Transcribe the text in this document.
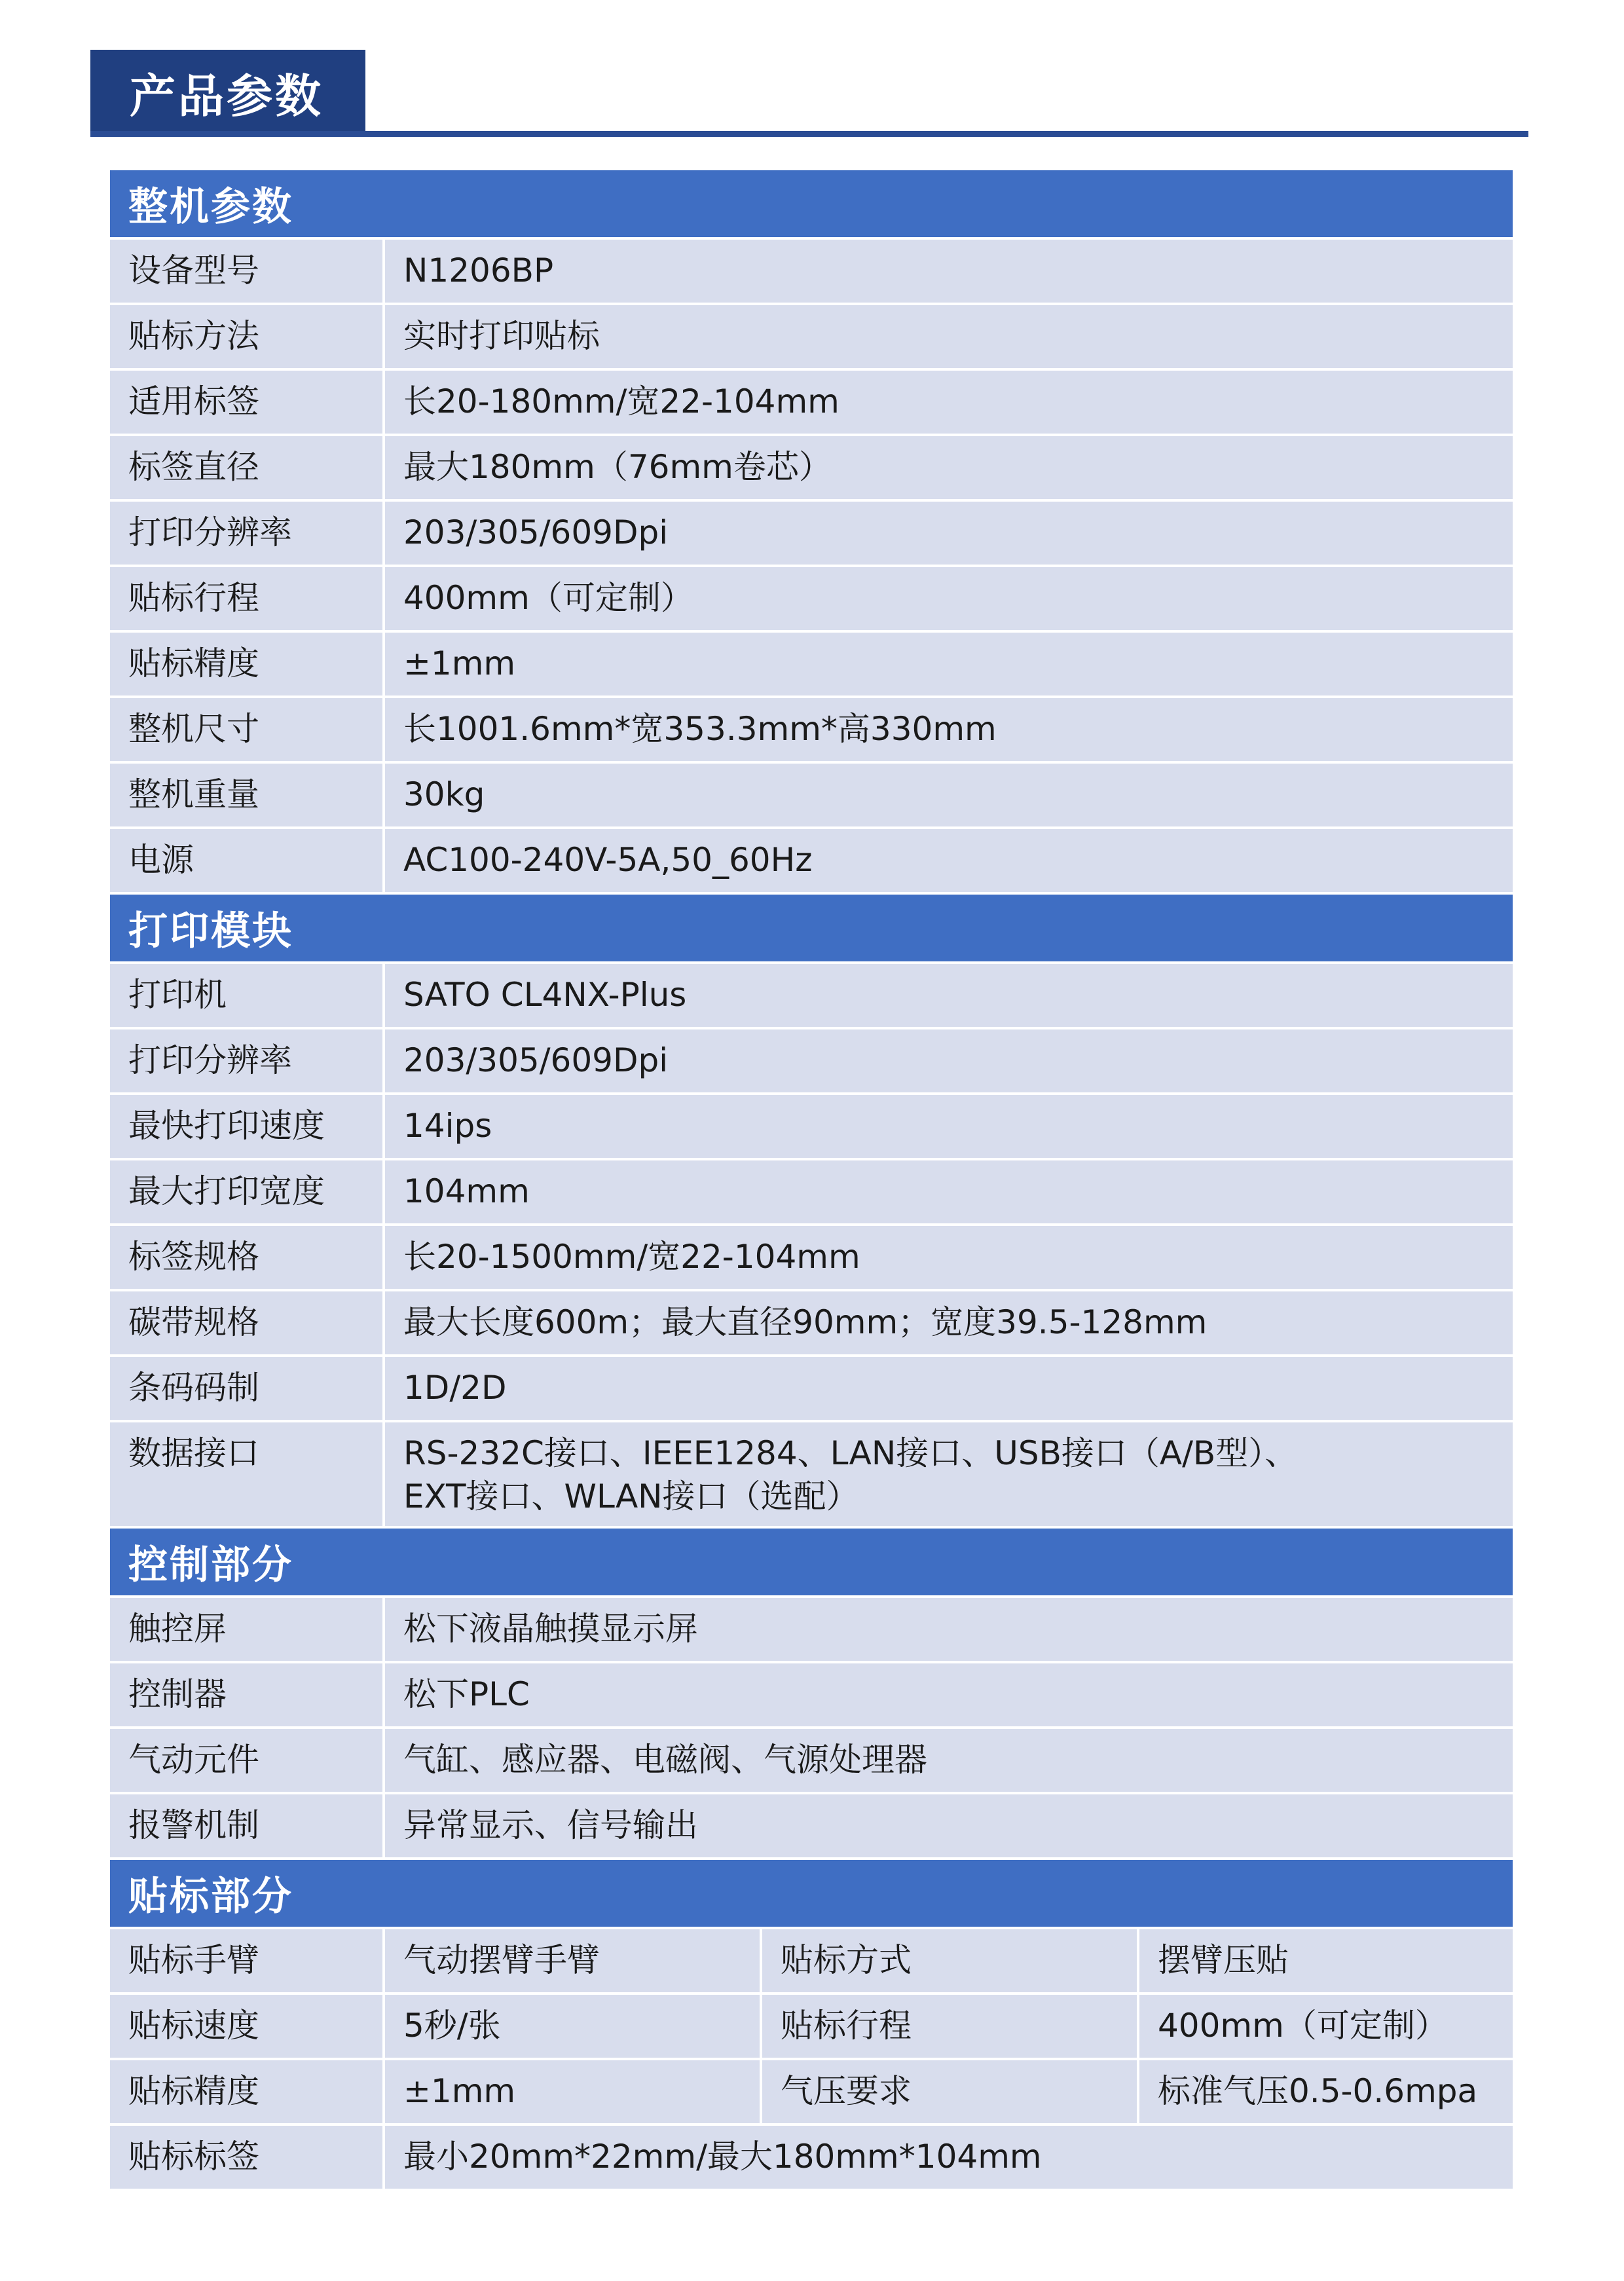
产品参数
整机参数
设备型号	N1206BP
贴标方法	实时打印贴标
适用标签	长20-180mm/宽22-104mm
标签直径	最大180mm（76mm卷芯）
打印分辨率	203/305/609Dpi
贴标行程	400mm（可定制）
贴标精度	±1mm
整机尺寸	长1001.6mm*宽353.3mm*高330mm
整机重量	30kg
电源	AC100-240V-5A,50_60Hz
打印模块
打印机	SATO CL4NX-Plus
打印分辨率	203/305/609Dpi
最快打印速度	14ips
最大打印宽度	104mm
标签规格	长20-1500mm/宽22-104mm
碳带规格	最大长度600m；最大直径90mm；宽度39.5-128mm
条码码制	1D/2D
数据接口	RS-232C接口、IEEE1284、LAN接口、USB接口（A/B型）、
EXT接口、WLAN接口（选配）
控制部分
触控屏	松下液晶触摸显示屏
控制器	松下PLC
气动元件	气缸、感应器、电磁阀、气源处理器
报警机制	异常显示、信号输出
贴标部分
贴标手臂	气动摆臂手臂	贴标方式	摆臂压贴
贴标速度	5秒/张	贴标行程	400mm（可定制）
贴标精度	±1mm	气压要求	标准气压0.5-0.6mpa
贴标标签	最小20mm*22mm/最大180mm*104mm
